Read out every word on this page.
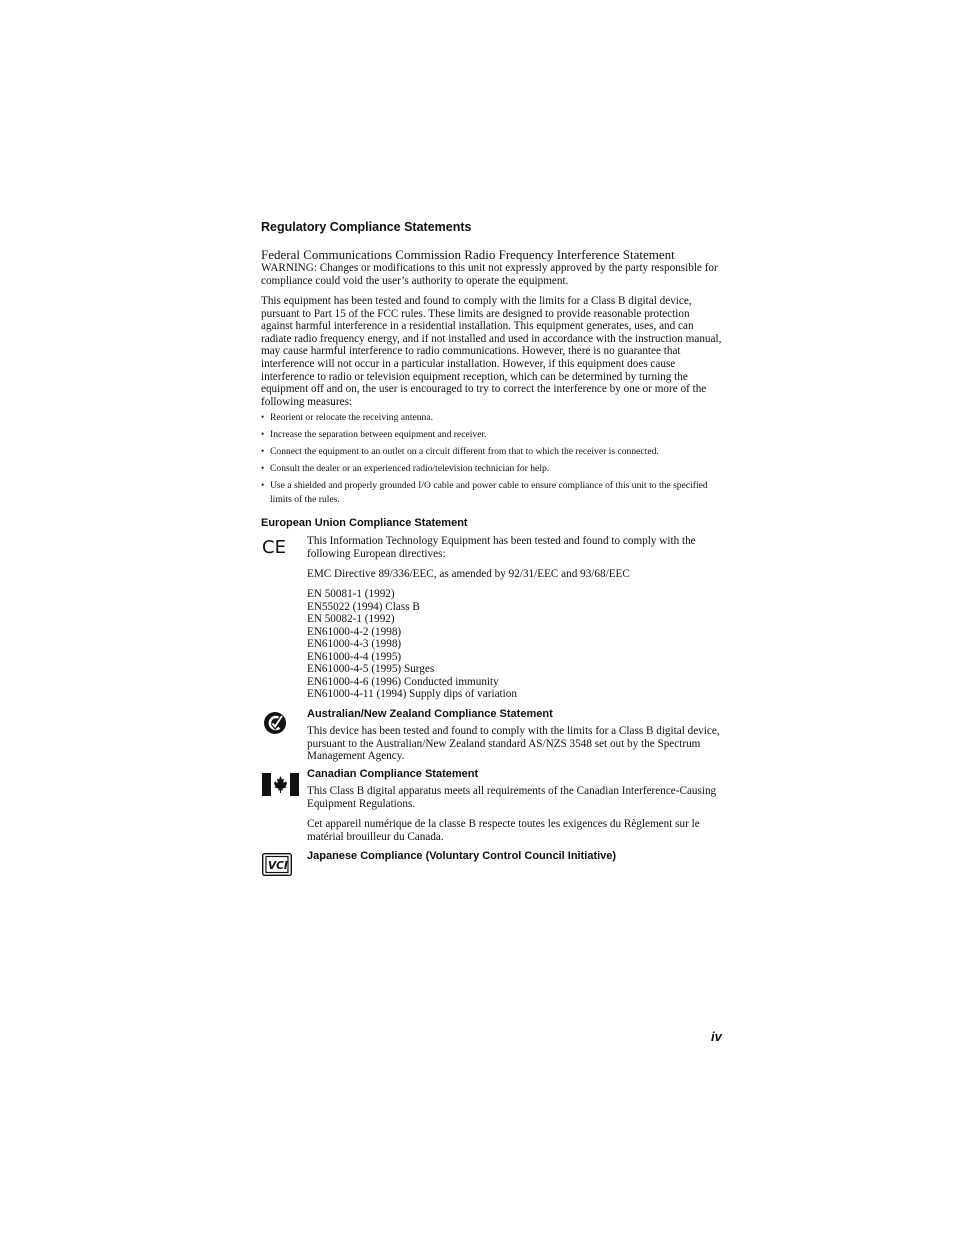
Regulatory Compliance Statements
Federal Communications Commission Radio Frequency Interference Statement
WARNING: Changes or modifications to this unit not expressly approved by the party responsible for compliance could void the user’s authority to operate the equipment.
This equipment has been tested and found to comply with the limits for a Class B digital device, pursuant to Part 15 of the FCC rules. These limits are designed to provide reasonable protection against harmful interference in a residential installation. This equipment generates, uses, and can radiate radio frequency energy, and if not installed and used in accordance with the instruction manual, may cause harmful interference to radio communications. However, there is no guarantee that interference will not occur in a particular installation. However, if this equipment does cause interference to radio or television equipment reception, which can be determined by turning the equipment off and on, the user is encouraged to try to correct the interference by one or more of the following measures:
• Reorient or relocate the receiving antenna.
• Increase the separation between equipment and receiver.
• Connect the equipment to an outlet on a circuit different from that to which the receiver is connected.
• Consult the dealer or an experienced radio/television technician for help.
• Use a shielded and properly grounded I/O cable and power cable to ensure compliance of this unit to the specified limits of the rules.
European Union Compliance Statement
CE This Information Technology Equipment has been tested and found to comply with the following European directives:
EMC Directive 89/336/EEC, as amended by 92/31/EEC and 93/68/EEC
EN 50081-1 (1992)
EN55022 (1994) Class B
EN 50082-1 (1992)
EN61000-4-2 (1998)
EN61000-4-3 (1998)
EN61000-4-4 (1995)
EN61000-4-5 (1995) Surges
EN61000-4-6 (1996) Conducted immunity
EN61000-4-11 (1994) Supply dips of variation
Australian/New Zealand Compliance Statement
This device has been tested and found to comply with the limits for a Class B digital device, pursuant to the Australian/New Zealand standard AS/NZS 3548 set out by the Spectrum Management Agency.
Canadian Compliance Statement
This Class B digital apparatus meets all requirements of the Canadian Interference-Causing Equipment Regulations.
Cet appareil numérique de la classe B respecte toutes les exigences du Règlement sur le matérial brouilleur du Canada.
VCI
Japanese Compliance (Voluntary Control Council Initiative)
iv
